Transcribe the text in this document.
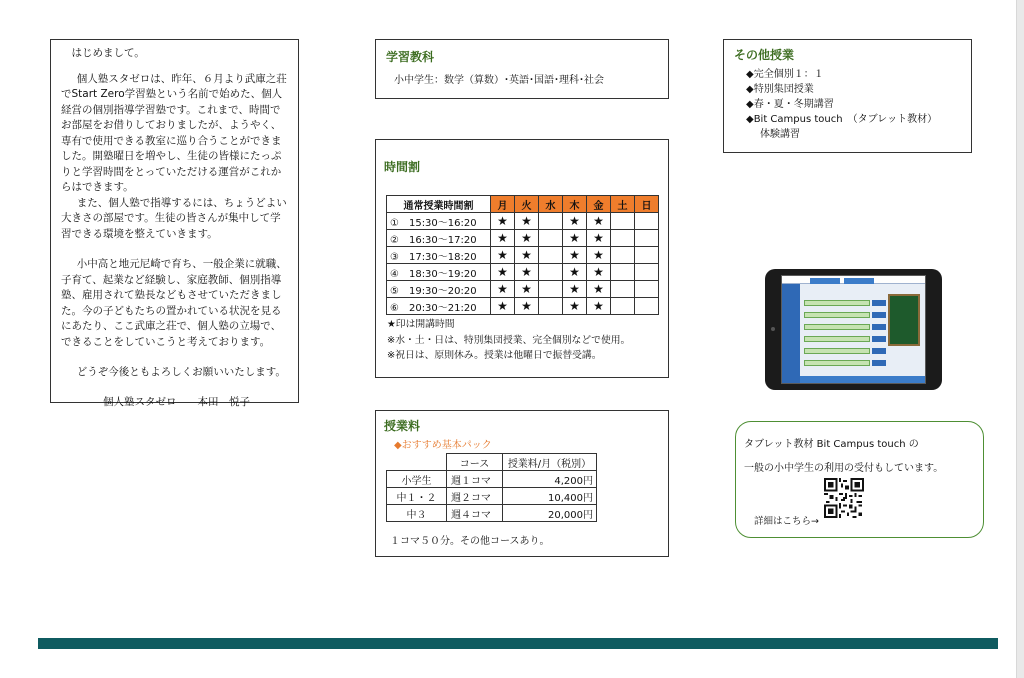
はじめまして。

個人塾スタゼロは、昨年、６月より武庫之荘でStart Zero学習塾という名前で始めた、個人経営の個別指導学習塾です。これまで、時間でお部屋をお借りしておりましたが、ようやく、専有で使用できる教室に巡り合うことができました。開塾曜日を増やし、生徒の皆様にたっぷりと学習時間をとっていただける運営がこれからはできます。

また、個人塾で指導するには、ちょうどよい大きさの部屋です。生徒の皆さんが集中して学習できる環境を整えていきます。

小中高と地元尼崎で育ち、一般企業に就職、子育て、起業など経験し、家庭教師、個別指導塾、雇用されて塾長などもさせていただきました。今の子どもたちの置かれている状況を見るにあたり、ここ武庫之荘で、個人塾の立場で、できることをしていこうと考えております。

どうぞ今後ともよろしくお願いいたします。

個人塾スタゼロ　　本田　悦子

学習教科
小中学生：数学（算数）･英語･国語･理科･社会
その他授業
◆完全個別１：１
◆特別集団授業
◆春・夏・冬期講習
◆Bit Campus touch　（タブレット教材）
体験講習
時間割
通常授業時間割	月	火	水	木	金	土	日
①　15:30～16:20	★	★		★	★		
②　16:30～17:20	★	★		★	★		
③　17:30～18:20	★	★		★	★		
④　18:30～19:20	★	★		★	★		
⑤　19:30～20:20	★	★		★	★		
⑥　20:30～21:20	★	★		★	★		
★印は開講時間
※水・土・日は、特別集団授業、完全個別などで使用。
※祝日は、原則休み。授業は他曜日で振替受講。
授業料
◆おすすめ基本パック
	コース	授業料/月（税別）
小学生	週１コマ	4,200円
中１・２	週２コマ	10,400円
中３	週４コマ	20,000円
１コマ５０分。その他コースあり。
タブレット教材 Bit Campus touch の
一般の小中学生の利用の受付もしています。
詳細はこちら→
